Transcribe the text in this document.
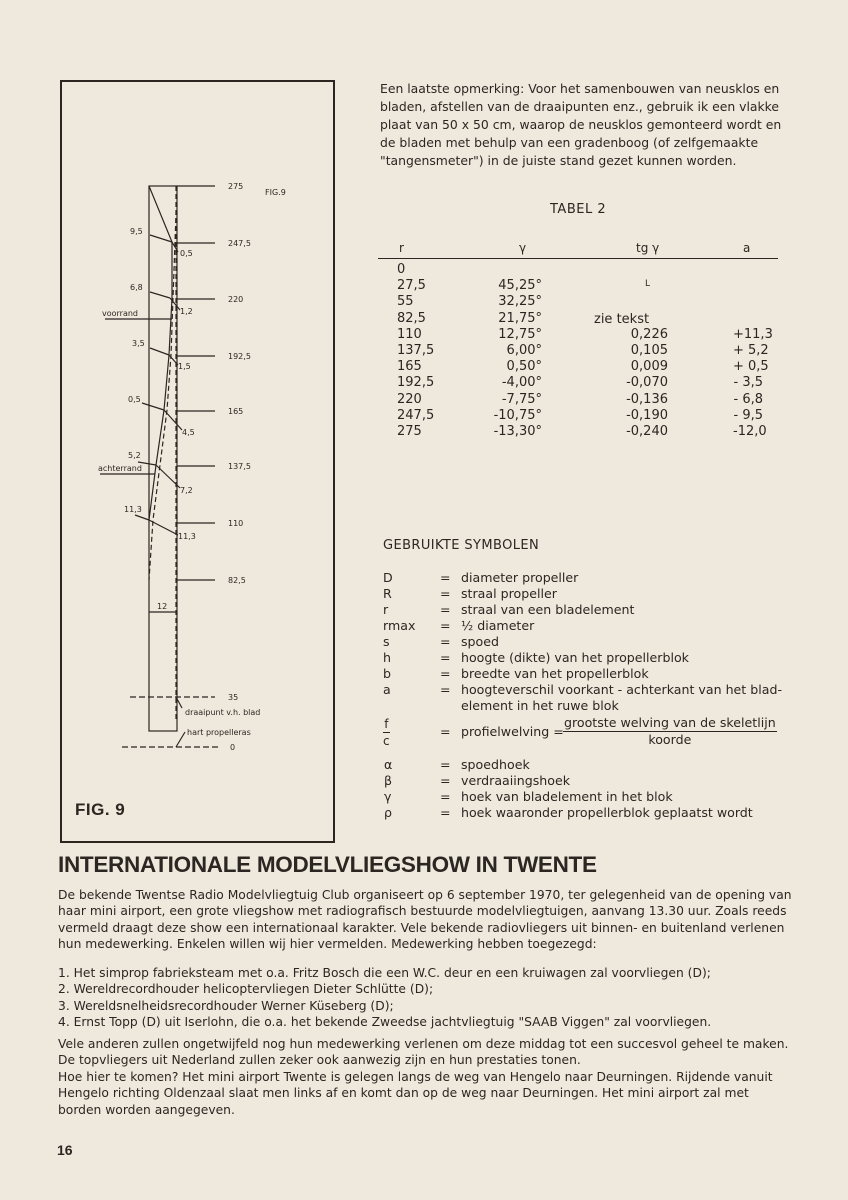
275
247,5
220
192,5
165
137,5
110
82,5
35
0
FIG.9
9,5
6,8
3,5
0,5
5,2
11,3
0,5
1,2
1,5
4,5
7,2
11,3
voorrand
achterrand
12
draaipunt v.h. blad
hart propelleras
FIG. 9

Een laatste opmerking: Voor het samenbouwen van neusklos en bladen, afstellen van de draaipunten enz., gebruik ik een vlakke plaat van 50 x 50 cm, waarop de neusklos gemonteerd wordt en de bladen met behulp van een gradenboog (of zelfgemaakte "tangensmeter") in de juiste stand gezet kunnen worden.

TABEL 2
r	γ	tg γ	a
0
27,5	45,25°
55	32,25°
82,5	21,75°
110	12,75°	0,226	+11,3
137,5	6,00°	0,105	+ 5,2
165	0,50°	0,009	+ 0,5
192,5	-4,00°	-0,070	- 3,5
220	-7,75°	-0,136	- 6,8
247,5	-10,75°	-0,190	- 9,5
275	-13,30°	-0,240	-12,0
L
zie tekst
GEBRUIKTE SYMBOLEN
D	= diameter propeller
R	= straal propeller
r	= straal van een bladelement
rmax = ½ diameter
s	= spoed
h	= hoogte (dikte) van het propellerblok
b	= breedte van het propellerblok
a	= hoogteverschil voorkant - achterkant van het blad-
element in het ruwe blok
$\frac{f}{c}$	= profielwelving = $\frac{\text{grootste welving van de skeletlijn}}{\text{koorde}}$
α	= spoedhoek
β	= verdraaiingshoek
γ	= hoek van bladelement in het blok
ρ	= hoek waaronder propellerblok geplaatst wordt
INTERNATIONALE MODELVLIEGSHOW IN TWENTE

De bekende Twentse Radio Modelvliegtuig Club organiseert op 6 september 1970, ter gelegenheid van de opening van haar mini airport, een grote vliegshow met radiografisch bestuurde modelvliegtuigen, aanvang 13.30 uur. Zoals reeds vermeld draagt deze show een internationaal karakter. Vele bekende radiovliegers uit binnen- en buitenland verlenen hun medewerking. Enkelen willen wij hier vermelden. Medewerking hebben toegezegd:

1. Het simprop fabrieksteam met o.a. Fritz Bosch die een W.C. deur en een kruiwagen zal voorvliegen (D);

2. Wereldrecordhouder helicoptervliegen Dieter Schlütte (D);

3. Wereldsnelheidsrecordhouder Werner Küseberg (D);

4. Ernst Topp (D) uit Iserlohn, die o.a. het bekende Zweedse jachtvliegtuig "SAAB Viggen" zal voorvliegen.

Vele anderen zullen ongetwijfeld nog hun medewerking verlenen om deze middag tot een succesvol geheel te maken. De topvliegers uit Nederland zullen zeker ook aanwezig zijn en hun prestaties tonen.

Hoe hier te komen? Het mini airport Twente is gelegen langs de weg van Hengelo naar Deurningen. Rijdende vanuit Hengelo richting Oldenzaal slaat men links af en komt dan op de weg naar Deurningen. Het mini airport zal met borden worden aangegeven.

16
